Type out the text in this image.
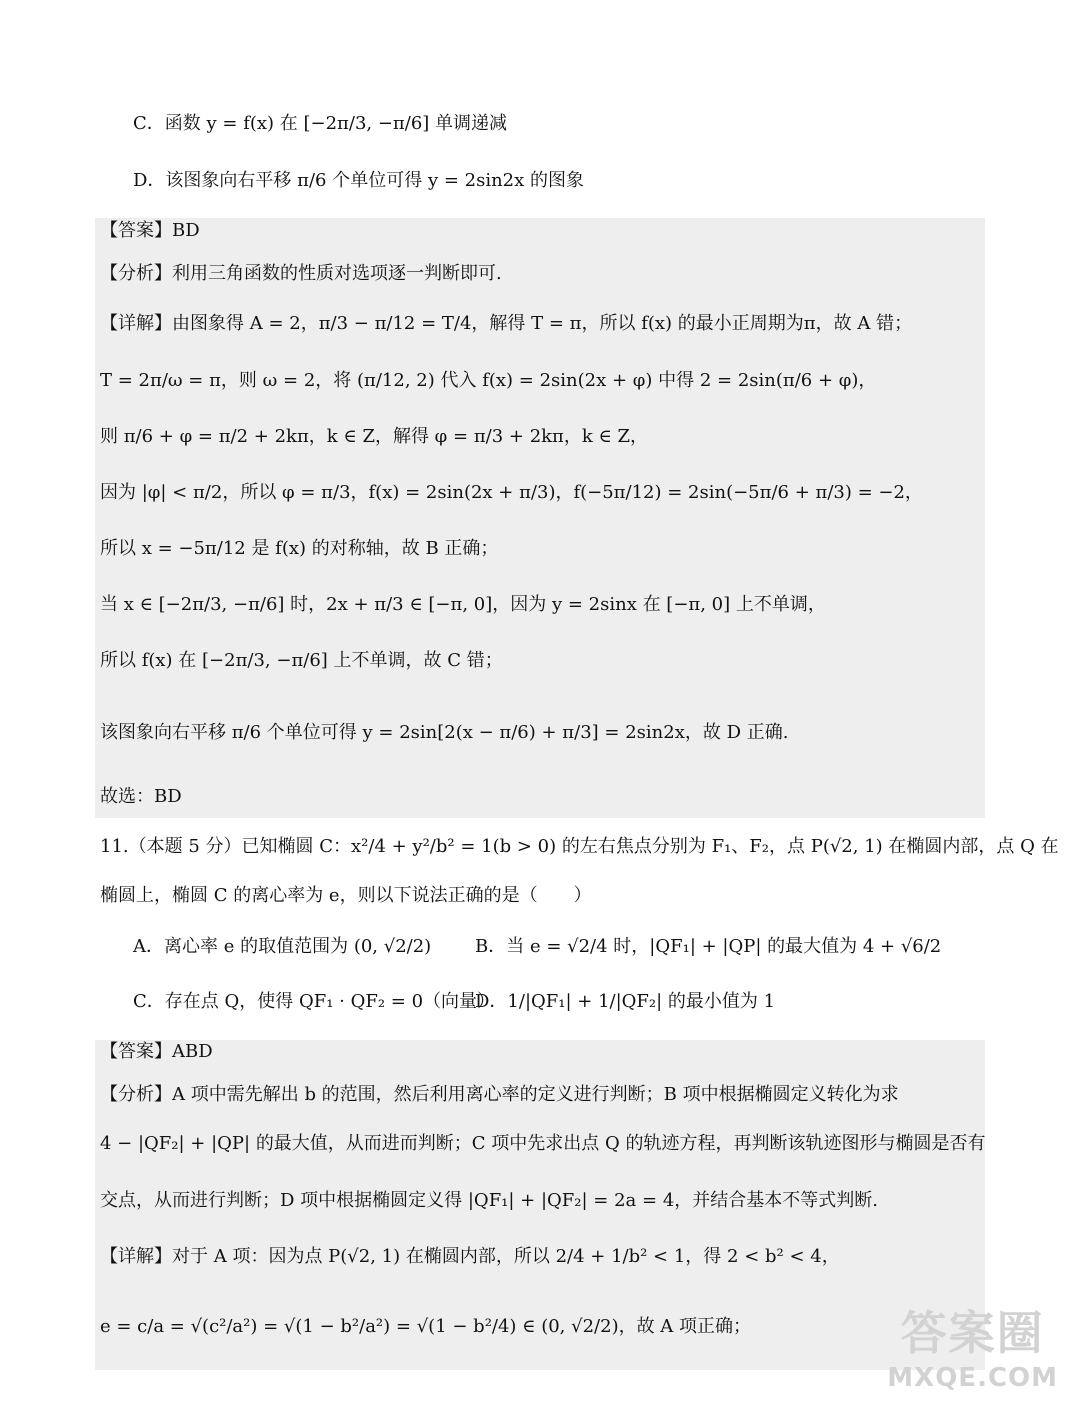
C．函数 y = f(x) 在 [−2π/3, −π/6] 单调递减
D．该图象向右平移 π/6 个单位可得 y = 2sin2x 的图象
【答案】BD
【分析】利用三角函数的性质对选项逐一判断即可.
【详解】由图象得 A = 2，π/3 − π/12 = T/4，解得 T = π，所以 f(x) 的最小正周期为π，故 A 错；
T = 2π/ω = π，则 ω = 2，将 (π/12, 2) 代入 f(x) = 2sin(2x + φ) 中得 2 = 2sin(π/6 + φ)，
则 π/6 + φ = π/2 + 2kπ，k ∈ Z，解得 φ = π/3 + 2kπ，k ∈ Z，
因为 |φ| < π/2，所以 φ = π/3，f(x) = 2sin(2x + π/3)，f(−5π/12) = 2sin(−5π/6 + π/3) = −2，
所以 x = −5π/12 是 f(x) 的对称轴，故 B 正确；
当 x ∈ [−2π/3, −π/6] 时，2x + π/3 ∈ [−π, 0]，因为 y = 2sinx 在 [−π, 0] 上不单调，
所以 f(x) 在 [−2π/3, −π/6] 上不单调，故 C 错；
该图象向右平移 π/6 个单位可得 y = 2sin[2(x − π/6) + π/3] = 2sin2x，故 D 正确.
故选：BD
11.（本题 5 分）已知椭圆 C：x²/4 + y²/b² = 1(b > 0) 的左右焦点分别为 F₁、F₂，点 P(√2, 1) 在椭圆内部，点 Q 在
椭圆上，椭圆 C 的离心率为 e，则以下说法正确的是（　　）
A．离心率 e 的取值范围为 (0, √2/2) B．当 e = √2/4 时，|QF₁| + |QP| 的最大值为 4 + √6/2
C．存在点 Q，使得 QF₁ · QF₂ = 0（向量）
D．1/|QF₁| + 1/|QF₂| 的最小值为 1
【答案】ABD
【分析】A 项中需先解出 b 的范围，然后利用离心率的定义进行判断；B 项中根据椭圆定义转化为求
4 − |QF₂| + |QP| 的最大值，从而进而判断；C 项中先求出点 Q 的轨迹方程，再判断该轨迹图形与椭圆是否有
交点，从而进行判断；D 项中根据椭圆定义得 |QF₁| + |QF₂| = 2a = 4，并结合基本不等式判断.
【详解】对于 A 项：因为点 P(√2, 1) 在椭圆内部，所以 2/4 + 1/b² < 1，得 2 < b² < 4，
e = c/a = √(c²/a²) = √(1 − b²/a²) = √(1 − b²/4) ∈ (0, √2/2)，故 A 项正确；	答案圈
MXQE.COM
